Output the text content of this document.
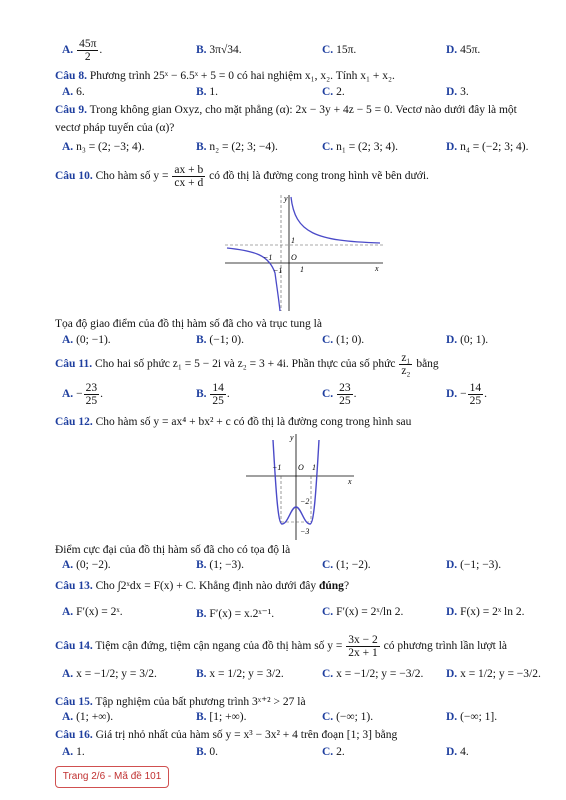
A. $\frac{45\pi}{2}$ .	B. 3π√34.	C. 15π.	D. 45π.
Câu 8. Phương trình 25ˣ − 6.5ˣ + 5 = 0 có hai nghiệm x₁, x₂. Tính x₁ + x₂.
A. 6.	B. 1.	C. 2.	D. 3.
Câu 9. Trong không gian Oxyz, cho mặt phẳng (α): 2x − 3y + 4z − 5 = 0. Vectơ nào dưới đây là một
vectơ pháp tuyến của (α)?
A. n₃ = (2; −3; 4).	B. n₂ = (2; 3; −4).	C. n₁ = (2; 3; 4).	D. n₄ = (−2; 3; 4).
Câu 10. Cho hàm số $y = \frac{ax + b}{cx + d}$ có đồ thị là đường cong trong hình vẽ bên dưới.
y
x
O
1
1
−1
−1
Tọa độ giao điểm của đồ thị hàm số đã cho và trục tung là
A. (0; −1).	B. (−1; 0).	C. (1; 0).	D. (0; 1).
Câu 11. Cho hai số phức z₁ = 5 − 2i và z₂ = 3 + 4i. Phần thực của số phức $\frac{\text{z₁}}{\text{z₂}}$ bằng
A. − $\frac{23}{25}$ .	B. $\frac{14}{25}$ .	C. $\frac{23}{25}$ .	D. − $\frac{14}{25}$ .
Câu 12. Cho hàm số y = ax⁴ + bx² + c có đồ thị là đường cong trong hình sau
y
x
O
−1	1
−2
−3
Điểm cực đại của đồ thị hàm số đã cho có tọa độ là
A. (0; −2).	B. (1; −3).	C. (1; −2).	D. (−1; −3).
Câu 13. Cho ∫2ˣdx = F(x) + C. Khẳng định nào dưới đây đúng?
A. F′(x) = 2ˣ.	B. F′(x) = x.2ˣ⁻¹.	C. F′(x) = 2ˣ/ln 2.	D. F(x) = 2ˣ ln 2.
Câu 14. Tiệm cận đứng, tiệm cận ngang của đồ thị hàm số $y = \frac{3x - 2}{2x + 1}$ có phương trình lần lượt là
A. x = −1/2; y = 3/2.	B. x = 1/2; y = 3/2.	C. x = −1/2; y = −3/2. D. x = 1/2; y = −3/2.
Câu 15. Tập nghiệm của bất phương trình 3ˣ⁺² > 27 là
A. (1; +∞).	B. [1; +∞).	C. (−∞; 1).	D. (−∞; 1].
Câu 16. Giá trị nhỏ nhất của hàm số y = x³ − 3x² + 4 trên đoạn [1; 3] bằng
A. 1.	B. 0.	C. 2.	D. 4.
Trang 2/6 - Mã đề 101
